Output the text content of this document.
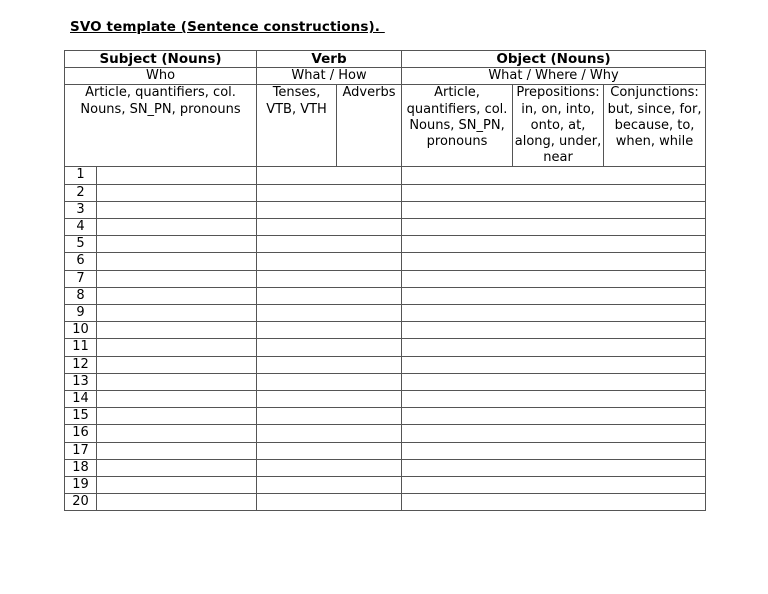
SVO template (Sentence constructions).
Subject (Nouns)		Verb		Object (Nouns)		
Who		What / How		What / Where / Why		
Article, quantifiers, col. Nouns, SN_PN, pronouns		Tenses, VTB, VTH	Adverbs	Article, quantifiers, col. Nouns, SN_PN, pronouns	Prepositions: in, on, into, onto, at, along, under, near	Conjunctions: but, since, for, because, to, when, while
1						
2						
3						
4						
5						
6						
7						
8						
9						
10						
11						
12						
13						
14						
15						
16						
17						
18						
19						
20						
